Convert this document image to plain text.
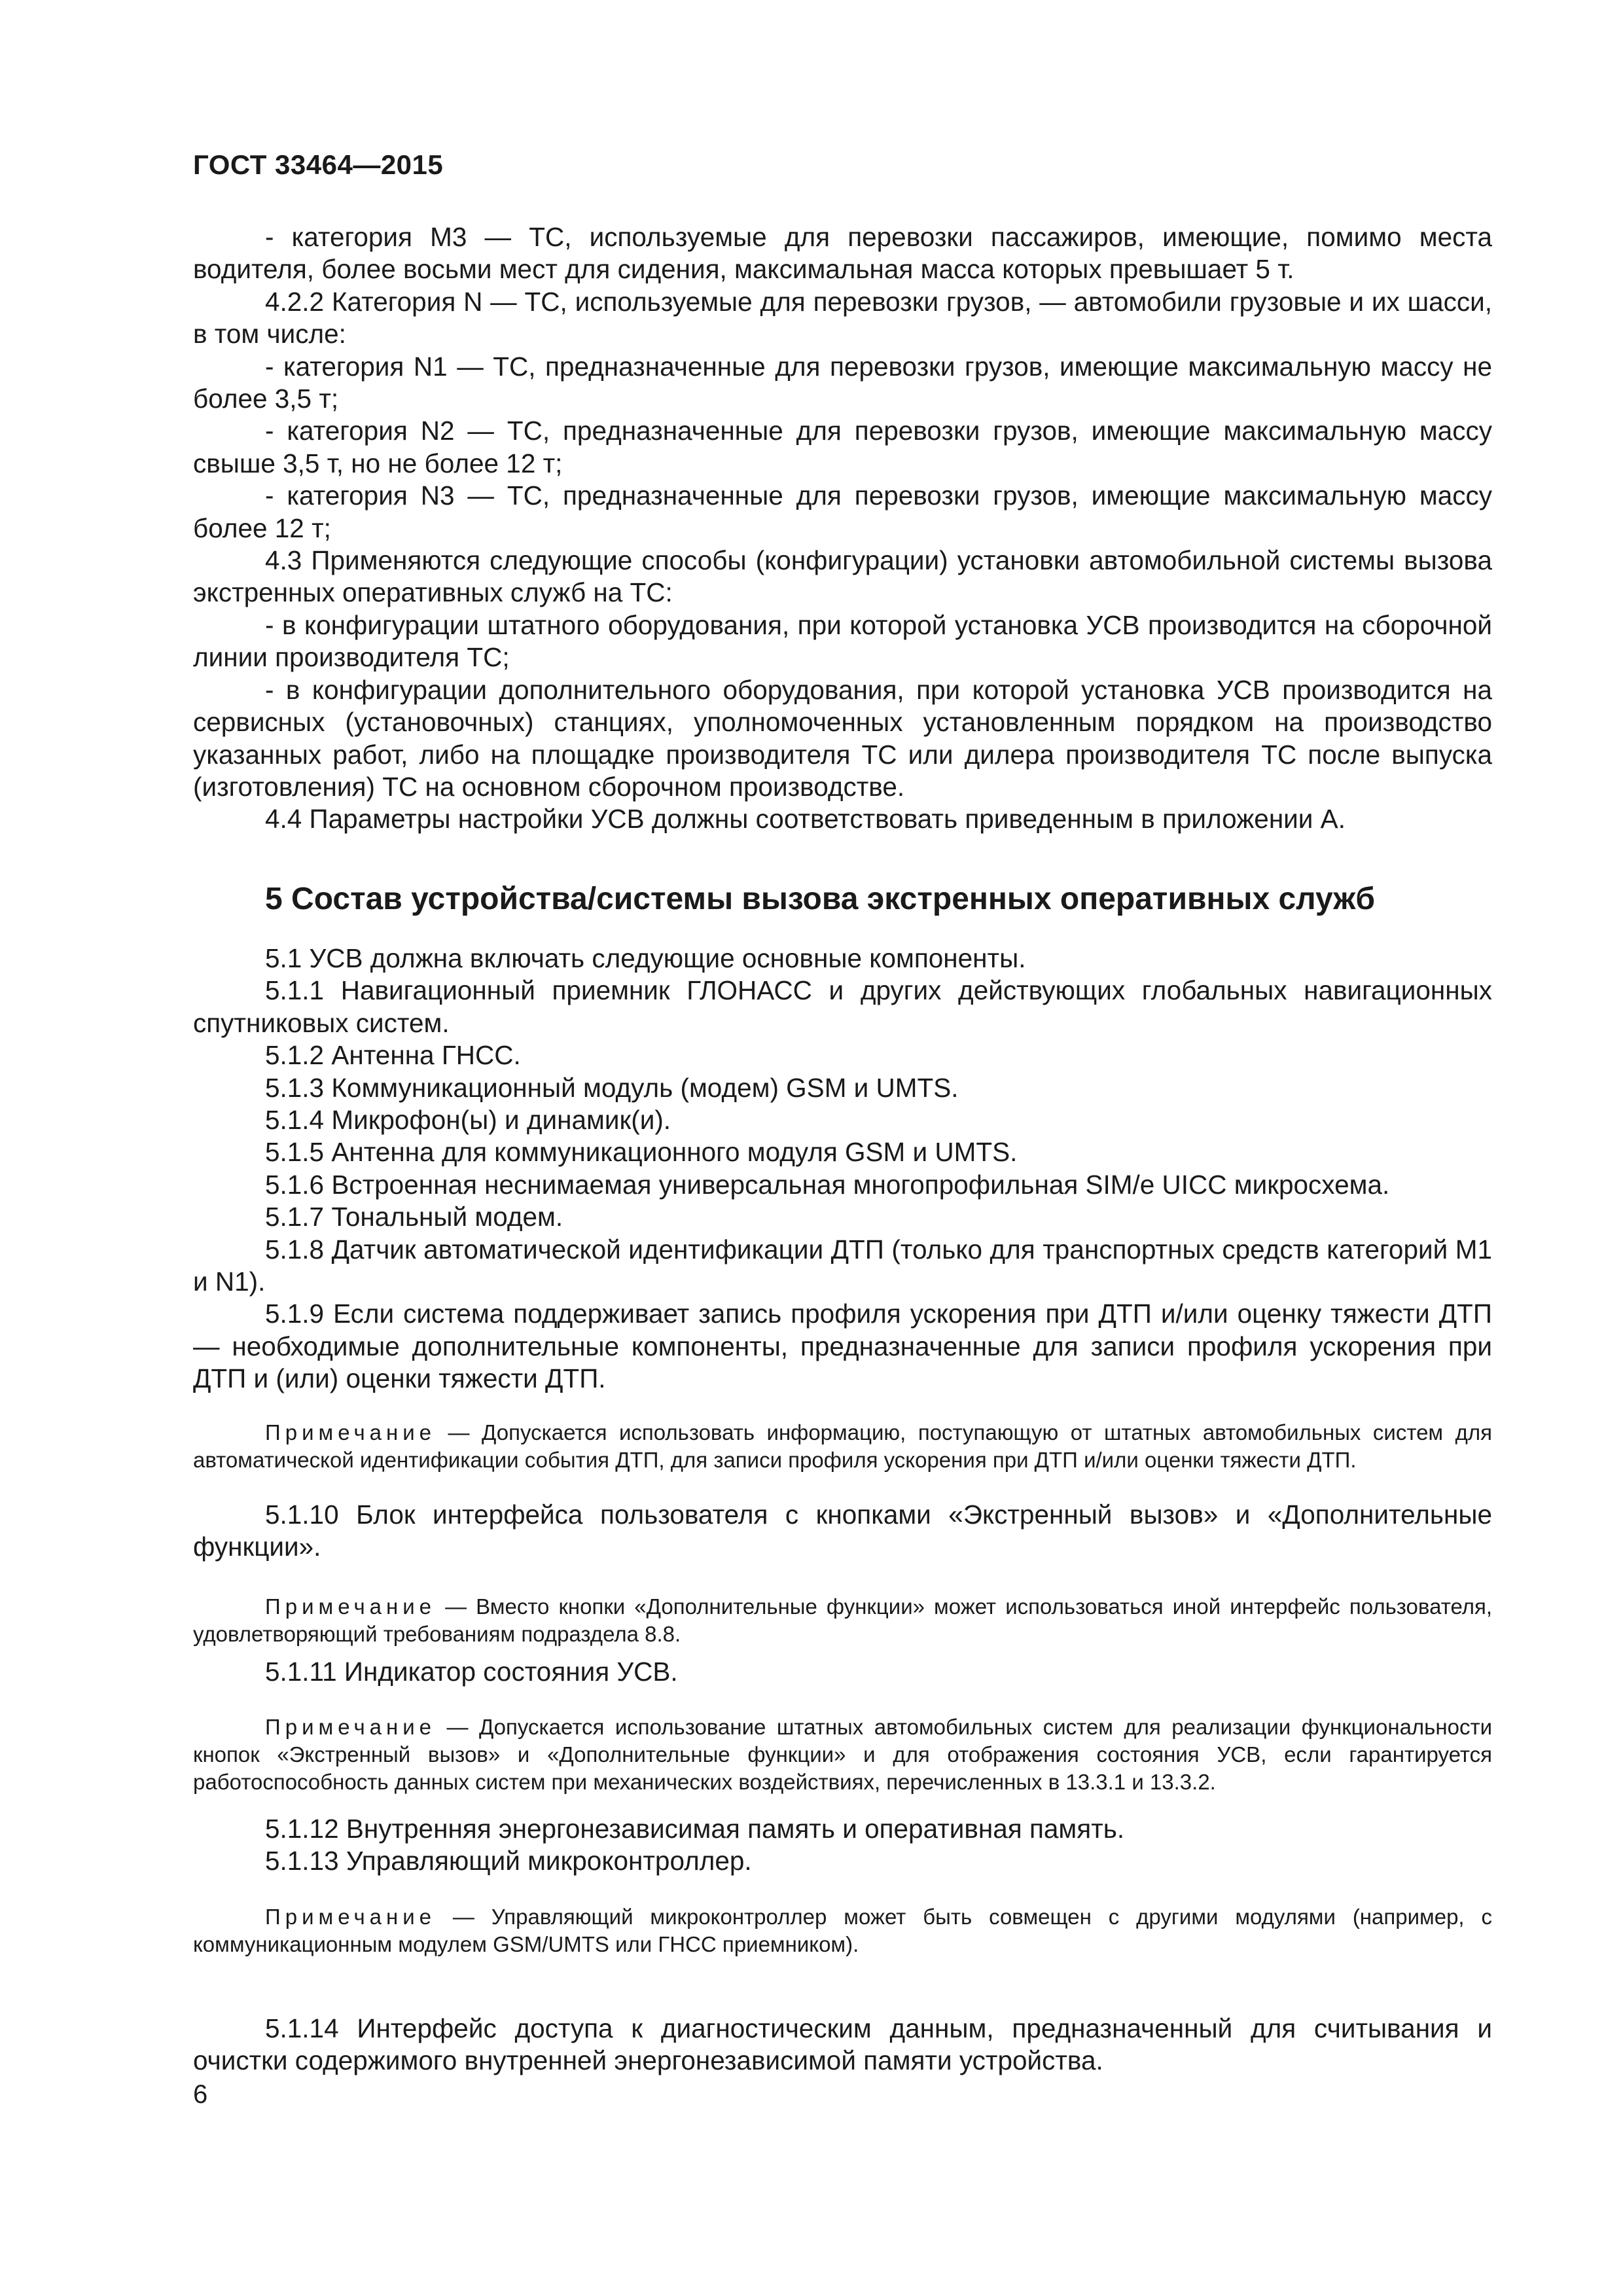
ГОСТ 33464—2015

- категория М3 — ТС, используемые для перевозки пассажиров, имеющие, помимо места водителя, более восьми мест для сидения, максимальная масса которых превышает 5 т.

4.2.2 Категория N — ТС, используемые для перевозки грузов, — автомобили грузовые и их шасси, в том числе:

- категория N1 — ТС, предназначенные для перевозки грузов, имеющие максимальную массу не более 3,5 т;

- категория N2 — ТС, предназначенные для перевозки грузов, имеющие максимальную массу свыше 3,5 т, но не более 12 т;

- категория N3 — ТС, предназначенные для перевозки грузов, имеющие максимальную массу более 12 т;

4.3 Применяются следующие способы (конфигурации) установки автомобильной системы вызова экстренных оперативных служб на ТС:

- в конфигурации штатного оборудования, при которой установка УСВ производится на сборочной линии производителя ТС;

- в конфигурации дополнительного оборудования, при которой установка УСВ производится на сервисных (установочных) станциях, уполномоченных установленным порядком на производство указанных работ, либо на площадке производителя ТС или дилера производителя ТС после выпуска (изготовления) ТС на основном сборочном производстве.

4.4 Параметры настройки УСВ должны соответствовать приведенным в приложении А.

5 Состав устройства/системы вызова экстренных оперативных служб

5.1 УСВ должна включать следующие основные компоненты.

5.1.1 Навигационный приемник ГЛОНАСС и других действующих глобальных навигационных спутниковых систем.

5.1.2 Антенна ГНСС.

5.1.3 Коммуникационный модуль (модем) GSM и UMTS.

5.1.4 Микрофон(ы) и динамик(и).

5.1.5 Антенна для коммуникационного модуля GSM и UMTS.

5.1.6 Встроенная неснимаемая универсальная многопрофильная SIM/е UICC микросхема.

5.1.7 Тональный модем.

5.1.8 Датчик автоматической идентификации ДТП (только для транспортных средств категорий М1 и N1).

5.1.9 Если система поддерживает запись профиля ускорения при ДТП и/или оценку тяжести ДТП — необходимые дополнительные компоненты, предназначенные для записи профиля ускорения при ДТП и (или) оценки тяжести ДТП.

Примечание — Допускается использовать информацию, поступающую от штатных автомобильных систем для автоматической идентификации события ДТП, для записи профиля ускорения при ДТП и/или оценки тяжести ДТП.

5.1.10 Блок интерфейса пользователя с кнопками «Экстренный вызов» и «Дополнительные функции».

Примечание — Вместо кнопки «Дополнительные функции» может использоваться иной интерфейс пользователя, удовлетворяющий требованиям подраздела 8.8.

5.1.11 Индикатор состояния УСВ.

Примечание — Допускается использование штатных автомобильных систем для реализации функциональности кнопок «Экстренный вызов» и «Дополнительные функции» и для отображения состояния УСВ, если гарантируется работоспособность данных систем при механических воздействиях, перечисленных в 13.3.1 и 13.3.2.

5.1.12 Внутренняя энергонезависимая память и оперативная память.

5.1.13 Управляющий микроконтроллер.

Примечание — Управляющий микроконтроллер может быть совмещен с другими модулями (например, с коммуникационным модулем GSM/UMTS или ГНСС приемником).

5.1.14 Интерфейс доступа к диагностическим данным, предназначенный для считывания и очистки содержимого внутренней энергонезависимой памяти устройства.

6
